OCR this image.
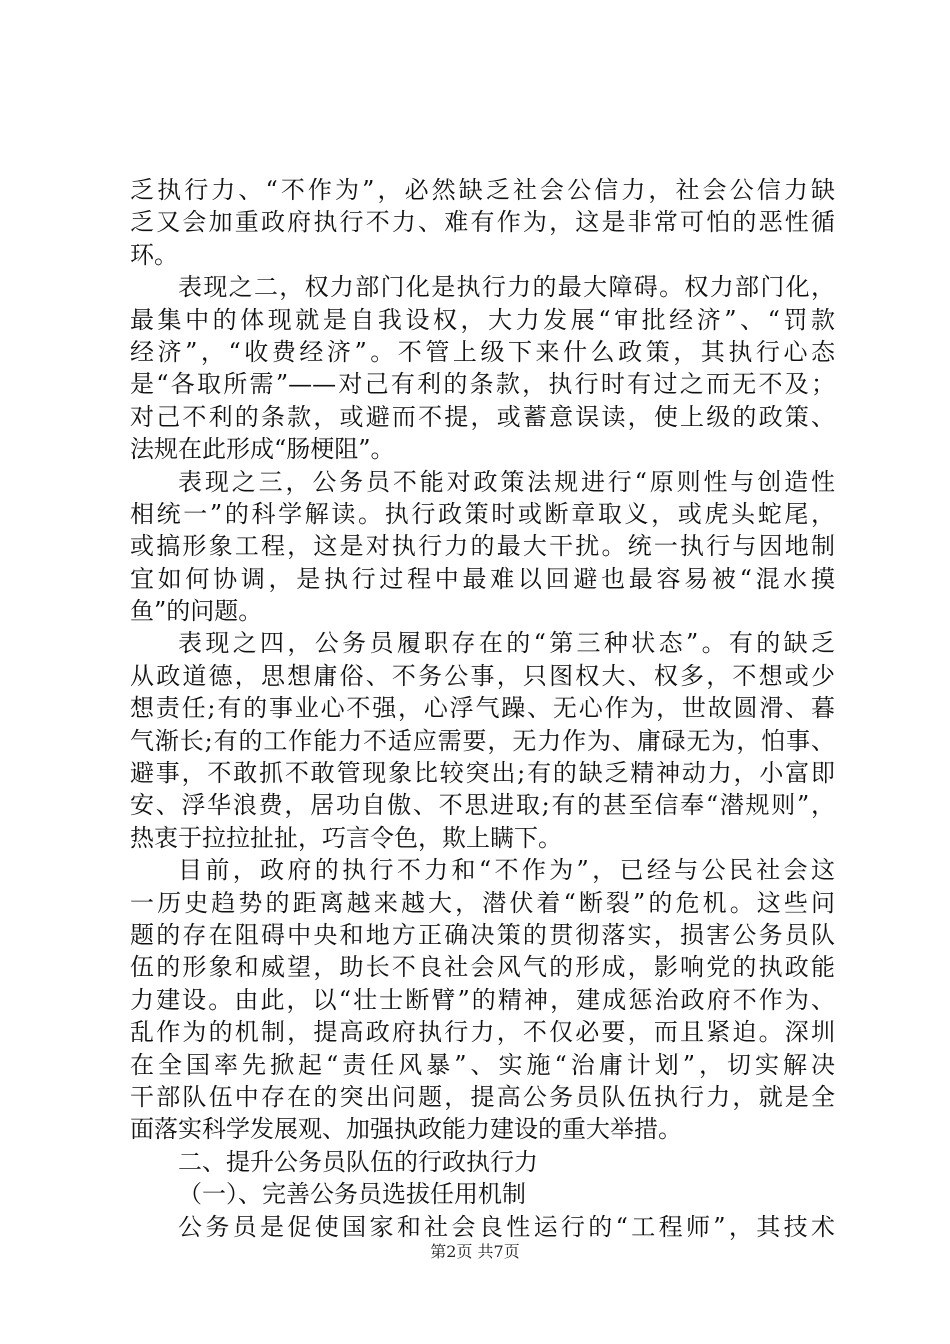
乏执行力、“不作为”，必然缺乏社会公信力，社会公信力缺
乏又会加重政府执行不力、难有作为，这是非常可怕的恶性循
环。
表现之二，权力部门化是执行力的最大障碍。权力部门化，
最集中的体现就是自我设权，大力发展“审批经济”、“罚款
经济”，“收费经济”。不管上级下来什么政策，其执行心态
是“各取所需”——对己有利的条款，执行时有过之而无不及；
对己不利的条款，或避而不提，或蓄意误读，使上级的政策、
法规在此形成“肠梗阻”。
表现之三，公务员不能对政策法规进行“原则性与创造性
相统一”的科学解读。执行政策时或断章取义，或虎头蛇尾，
或搞形象工程，这是对执行力的最大干扰。统一执行与因地制
宜如何协调，是执行过程中最难以回避也最容易被“混水摸
鱼”的问题。
表现之四，公务员履职存在的“第三种状态”。有的缺乏
从政道德，思想庸俗、不务公事，只图权大、权多，不想或少
想责任;有的事业心不强，心浮气躁、无心作为，世故圆滑、暮
气渐长;有的工作能力不适应需要，无力作为、庸碌无为，怕事、
避事，不敢抓不敢管现象比较突出;有的缺乏精神动力，小富即
安、浮华浪费，居功自傲、不思进取;有的甚至信奉“潜规则”，
热衷于拉拉扯扯，巧言令色，欺上瞒下。
目前，政府的执行不力和“不作为”，已经与公民社会这
一历史趋势的距离越来越大，潜伏着“断裂”的危机。这些问
题的存在阻碍中央和地方正确决策的贯彻落实，损害公务员队
伍的形象和威望，助长不良社会风气的形成，影响党的执政能
力建设。由此，以“壮士断臂”的精神，建成惩治政府不作为、
乱作为的机制，提高政府执行力，不仅必要，而且紧迫。深圳
在全国率先掀起“责任风暴”、实施“治庸计划”，切实解决
干部队伍中存在的突出问题，提高公务员队伍执行力，就是全
面落实科学发展观、加强执政能力建设的重大举措。
二、提升公务员队伍的行政执行力
（一）、完善公务员选拔任用机制
公务员是促使国家和社会良性运行的“工程师”，其技术
第2页 共7页
